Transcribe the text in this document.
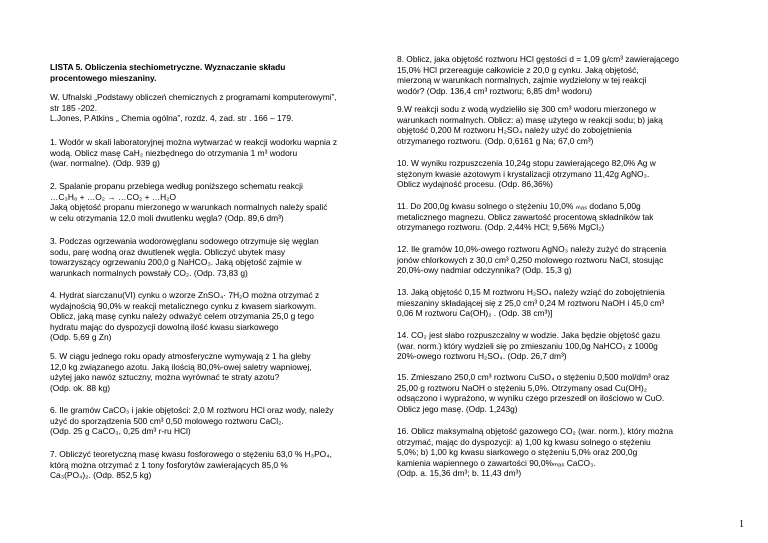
LISTA 5. Obliczenia stechiometryczne. Wyznaczanie składu
procentowego mieszaniny.
W. Ufnalski „Podstawy obliczeń chemicznych z programami komputerowymi”,
str 185 -202.
L.Jones, P.Atkins „ Chemia ogólna”, rozdz. 4, zad. str . 166 – 179.
1. Wodór w skali laboratoryjnej można wytwarzać w reakcji wodorku wapnia z
wodą. Oblicz masę CaH₂ niezbędnego do otrzymania 1 m³ wodoru
(war. normalne). (Odp. 939 g)
2. Spalanie propanu przebiega według poniższego schematu reakcji
…C₃H₈ + …O₂ → …CO₂ + …H₂O
Jaką objętość propanu mierzonego w warunkach normalnych należy spalić
w celu otrzymania 12,0 moli dwutlenku węgla? (Odp. 89,6 dm³)
3. Podczas ogrzewania wodorowęglanu sodowego otrzymuje się węglan
sodu, parę wodną oraz dwutlenek węgla. Obliczyć ubytek masy
towarzyszący ogrzewaniu 200,0 g NaHCO₃. Jaką objętość zajmie w
warunkach normalnych powstały CO₂. (Odp. 73,83 g)
4. Hydrat siarczanu(VI) cynku o wzorze ZnSO₄· 7H₂O można otrzymać z
wydajnością 90,0% w reakcji metalicznego cynku z kwasem siarkowym.
Oblicz, jaką masę cynku należy odważyć celem otrzymania 25,0 g tego
hydratu mając do dyspozycji dowolną ilość kwasu siarkowego
(Odp. 5,69 g Zn)
5. W ciągu jednego roku opady atmosferyczne wymywają z 1 ha gleby
12,0 kg związanego azotu. Jaką ilością 80,0%-owej saletry wapniowej,
użytej jako nawóz sztuczny, można wyrównać te straty azotu?
(Odp. ok. 88 kg)
6. Ile gramów CaCO₃ i jakie objętości: 2,0 M roztworu HCl oraz wody, należy
użyć do sporządzenia 500 cm³ 0,50 molowego roztworu CaCl₂.
(Odp. 25 g CaCO₃, 0,25 dm³ r-ru HCl)
7. Obliczyć teoretyczną masę kwasu fosforowego o stężeniu 63,0 % H₃PO₄,
którą można otrzymać z 1 tony fosforytów zawierających 85,0 %
Ca₃(PO₄)₂. (Odp. 852,5 kg)
8. Oblicz, jaka objętość roztworu HCl gęstości d = 1,09 g/cm³ zawierającego
15,0% HCl przereaguje całkowicie z 20,0 g cynku. Jaką objętość,
mierzoną w warunkach normalnych, zajmie wydzielony w tej reakcji
wodór? (Odp. 136,4 cm³ roztworu; 6,85 dm³ wodoru)
9.W reakcji sodu z wodą wydzieliło się 300 cm³ wodoru mierzonego w
warunkach normalnych. Oblicz: a) masę użytego w reakcji sodu; b) jaką
objętość 0,200 M roztworu H₂SO₄ należy użyć do zobojętnienia
otrzymanego roztworu. (Odp. 0,6161 g Na; 67,0 cm³)
10. W wyniku rozpuszczenia 10,24g stopu zawierającego 82,0% Ag w
stężonym kwasie azotowym i krystalizacji otrzymano 11,42g AgNO₃.
Oblicz wydajność procesu. (Odp. 86,36%)
11. Do 200,0g kwasu solnego o stężeniu 10,0% ₘₐₛ dodano 5,00g
metalicznego magnezu. Oblicz zawartość procentową składników tak
otrzymanego roztworu. (Odp. 2,44% HCl; 9,56% MgCl₂)
12. Ile gramów 10,0%-owego roztworu AgNO₃ należy zużyć do strącenia
jonów chlorkowych z 30,0 cm³ 0,250 molowego roztworu NaCl, stosując
20,0%-owy nadmiar odczynnika? (Odp. 15,3 g)
13. Jaką objętość 0,15 M roztworu H₂SO₄ należy wziąć do zobojętnienia
mieszaniny składającej się z 25,0 cm³ 0,24 M roztworu NaOH i 45,0 cm³
0,06 M roztworu Ca(OH)₂ . (Odp. 38 cm³)]
14. CO₂ jest słabo rozpuszczalny w wodzie. Jaka będzie objętość gazu
(war. norm.) który wydzieli się po zmieszaniu 100,0g NaHCO₃ z 1000g
20%-owego roztworu H₂SO₄. (Odp. 26,7 dm³)
15. Zmieszano 250,0 cm³ roztworu CuSO₄ o stężeniu 0,500 mol/dm³ oraz
25,00 g roztworu NaOH o stężeniu 5,0%. Otrzymany osad Cu(OH)₂
odsączono i wyprażono, w wyniku czego przeszedł on ilościowo w CuO.
Oblicz jego masę. (Odp. 1,243g)
16. Oblicz maksymalną objętość gazowego CO₂ (war. norm.), który można
otrzymać, mając do dyspozycji: a) 1,00 kg kwasu solnego o stężeniu
5,0%; b) 1,00 kg kwasu siarkowego o stężeniu 5,0% oraz 200,0g
kamienia wapiennego o zawartości 90,0%ₘₐₛ CaCO₃.
(Odp. a. 15,36 dm³; b. 11,43 dm³)
1
